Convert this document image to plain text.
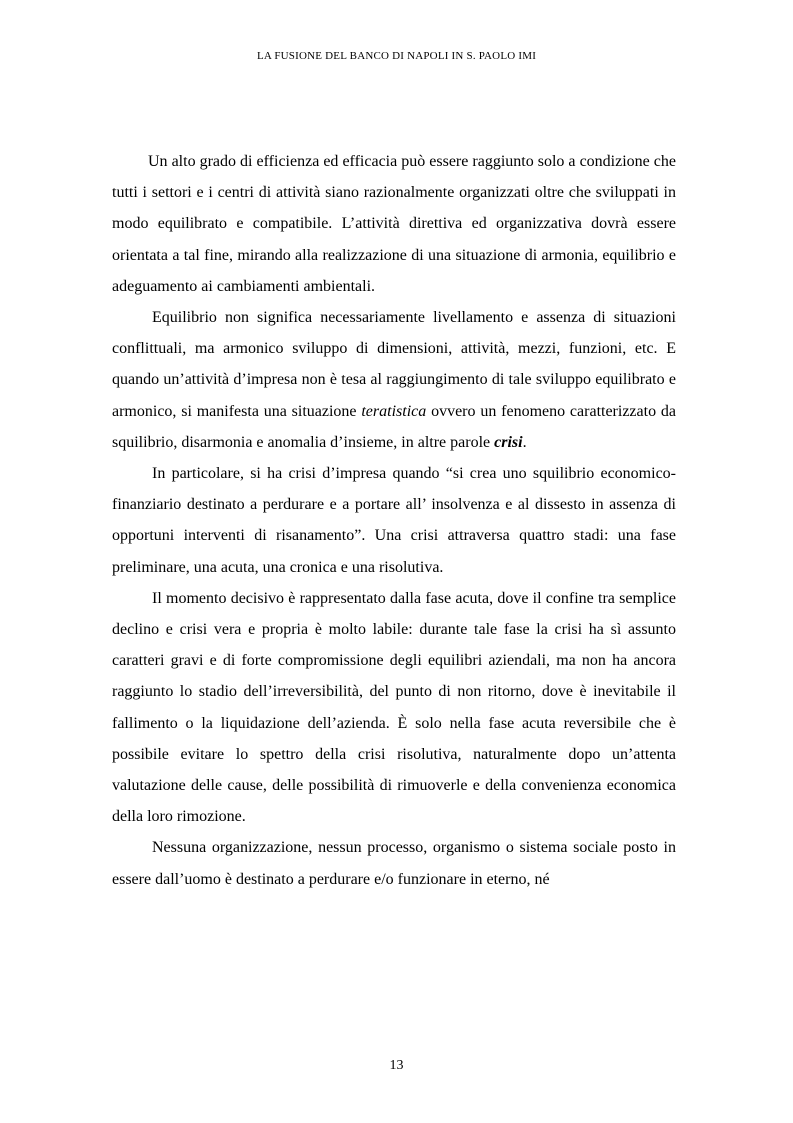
LA FUSIONE DEL BANCO DI NAPOLI IN S. PAOLO IMI

Un alto grado di efficienza ed efficacia può essere raggiunto solo a condizione che tutti i settori e i centri di attività siano razionalmente organizzati oltre che sviluppati in modo equilibrato e compatibile. L’attività direttiva ed organizzativa dovrà essere orientata a tal fine, mirando alla realizzazione di una situazione di armonia, equilibrio e adeguamento ai cambiamenti ambientali.

Equilibrio non significa necessariamente livellamento e assenza di situazioni conflittuali, ma armonico sviluppo di dimensioni, attività, mezzi, funzioni, etc. E quando un’attività d’impresa non è tesa al raggiungimento di tale sviluppo equilibrato e armonico, si manifesta una situazione teratistica ovvero un fenomeno caratterizzato da squilibrio, disarmonia e anomalia d’insieme, in altre parole crisi.

In particolare, si ha crisi d’impresa quando “si crea uno squilibrio economico-finanziario destinato a perdurare e a portare all’ insolvenza e al dissesto in assenza di opportuni interventi di risanamento”. Una crisi attraversa quattro stadi: una fase preliminare, una acuta, una cronica e una risolutiva.

Il momento decisivo è rappresentato dalla fase acuta, dove il confine tra semplice declino e crisi vera e propria è molto labile: durante tale fase la crisi ha sì assunto caratteri gravi e di forte compromissione degli equilibri aziendali, ma non ha ancora raggiunto lo stadio dell’irreversibilità, del punto di non ritorno, dove è inevitabile il fallimento o la liquidazione dell’azienda. È solo nella fase acuta reversibile che è possibile evitare lo spettro della crisi risolutiva, naturalmente dopo un’attenta valutazione delle cause, delle possibilità di rimuoverle e della convenienza economica della loro rimozione.

Nessuna organizzazione, nessun processo, organismo o sistema sociale posto in essere dall’uomo è destinato a perdurare e/o funzionare in eterno, né

13
